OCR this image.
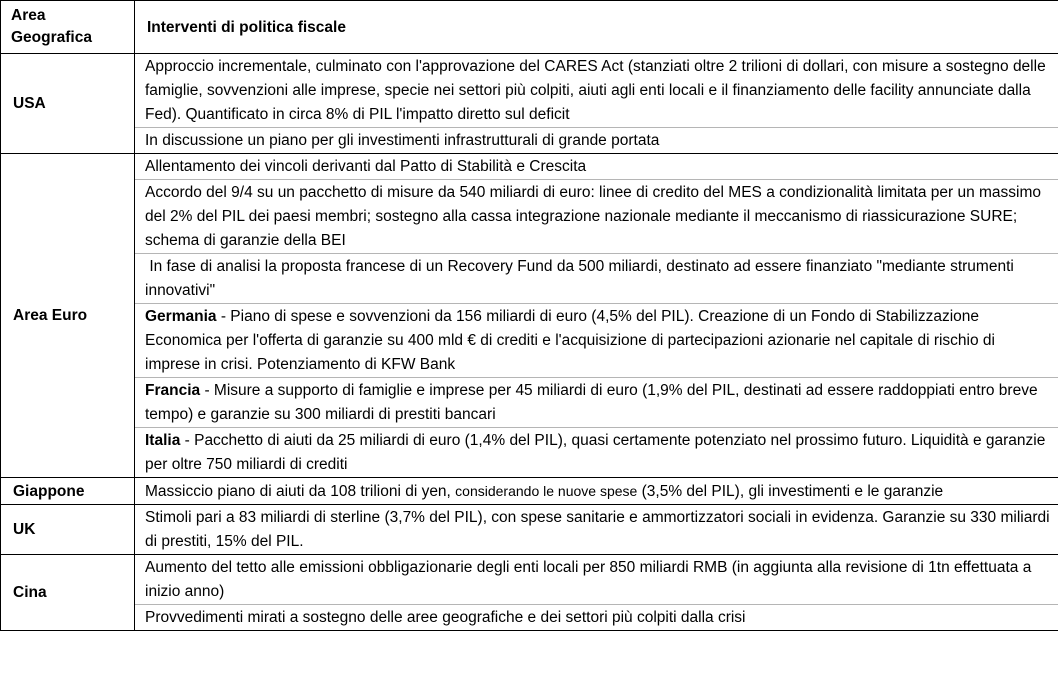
Area Geografica	Interventi di politica fiscale
USA	Approccio incrementale, culminato con l'approvazione del CARES Act (stanziati oltre 2 trilioni di dollari, con misure a sostegno delle famiglie, sovvenzioni alle imprese, specie nei settori più colpiti, aiuti agli enti locali e il finanziamento delle facility annunciate dalla Fed). Quantificato in circa 8% di PIL l'impatto diretto sul deficit
	In discussione un piano per gli investimenti infrastrutturali di grande portata
Area Euro	Allentamento dei vincoli derivanti dal Patto di Stabilità e Crescita
	Accordo del 9/4 su un pacchetto di misure da 540 miliardi di euro: linee di credito del MES a condizionalità limitata per un massimo del 2% del PIL dei paesi membri; sostegno alla cassa integrazione nazionale mediante il meccanismo di riassicurazione SURE; schema di garanzie della BEI
	In fase di analisi la proposta francese di un Recovery Fund da 500 miliardi, destinato ad essere finanziato "mediante strumenti innovativi"
	Germania - Piano di spese e sovvenzioni da 156 miliardi di euro (4,5% del PIL). Creazione di un Fondo di Stabilizzazione Economica per l'offerta di garanzie su 400 mld € di crediti e l'acquisizione di partecipazioni azionarie nel capitale di rischio di imprese in crisi. Potenziamento di KFW Bank
	Francia - Misure a supporto di famiglie e imprese per 45 miliardi di euro (1,9% del PIL, destinati ad essere raddoppiati entro breve tempo) e garanzie su 300 miliardi di prestiti bancari
	Italia - Pacchetto di aiuti da 25 miliardi di euro (1,4% del PIL), quasi certamente potenziato nel prossimo futuro. Liquidità e garanzie per oltre 750 miliardi di crediti
Giappone	Massiccio piano di aiuti da 108 trilioni di yen, considerando le nuove spese (3,5% del PIL), gli investimenti e le garanzie
UK	Stimoli pari a 83 miliardi di sterline (3,7% del PIL), con spese sanitarie e ammortizzatori sociali in evidenza. Garanzie su 330 miliardi di prestiti, 15% del PIL.
Cina	Aumento del tetto alle emissioni obbligazionarie degli enti locali per 850 miliardi RMB (in aggiunta alla revisione di 1tn effettuata a inizio anno)
	Provvedimenti mirati a sostegno delle aree geografiche e dei settori più colpiti dalla crisi
